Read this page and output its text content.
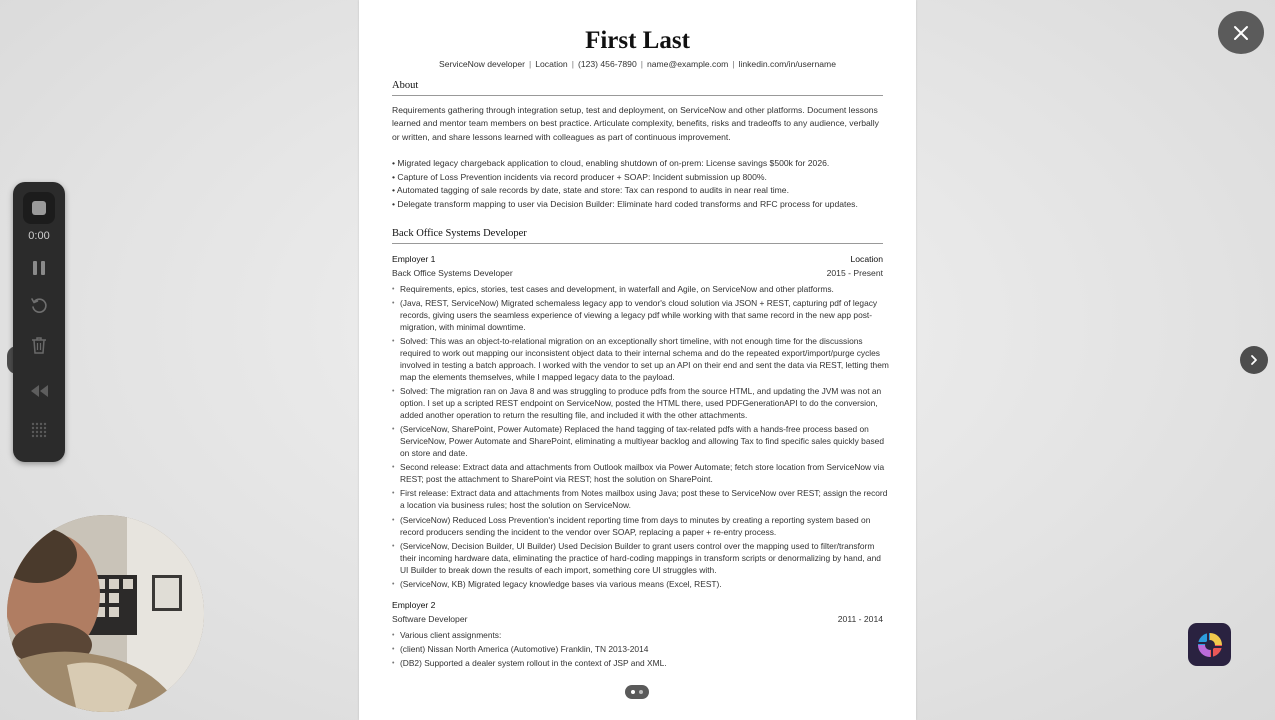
First Last
ServiceNow developer | Location | (123) 456-7890 | name@example.com | linkedin.com/in/username
About
Requirements gathering through integration setup, test and deployment, on ServiceNow and other platforms. Document lessons learned and mentor team members on best practice. Articulate complexity, benefits, risks and tradeoffs to any audience, verbally or written, and share lessons learned with colleagues as part of continuous improvement.
• Migrated legacy chargeback application to cloud, enabling shutdown of on-prem: License savings $500k for 2026.
• Capture of Loss Prevention incidents via record producer + SOAP: Incident submission up 800%.
• Automated tagging of sale records by date, state and store: Tax can respond to audits in near real time.
• Delegate transform mapping to user via Decision Builder: Eliminate hard coded transforms and RFC process for updates.
Back Office Systems Developer
Employer 1	Location
Back Office Systems Developer	2015 - Present
• Requirements, epics, stories, test cases and development, in waterfall and Agile, on ServiceNow and other platforms.
• (Java, REST, ServiceNow) Migrated schemaless legacy app to vendor's cloud solution via JSON + REST, capturing pdf of legacy records, giving users the seamless experience of viewing a legacy pdf while working with that same record in the new app post-migration, with minimal downtime.
• Solved: This was an object-to-relational migration on an exceptionally short timeline, with not enough time for the discussions required to work out mapping our inconsistent object data to their internal schema and do the repeated export/import/purge cycles involved in testing a batch approach. I worked with the vendor to set up an API on their end and sent the data via REST, letting them map the elements themselves, while I mapped legacy data to the payload.
• Solved: The migration ran on Java 8 and was struggling to produce pdfs from the source HTML, and updating the JVM was not an option. I set up a scripted REST endpoint on ServiceNow, posted the HTML there, used PDFGenerationAPI to do the conversion, added another operation to return the resulting file, and included it with the other attachments.
• (ServiceNow, SharePoint, Power Automate) Replaced the hand tagging of tax-related pdfs with a hands-free process based on ServiceNow, Power Automate and SharePoint, eliminating a multiyear backlog and allowing Tax to find specific sales quickly based on store and date.
• Second release: Extract data and attachments from Outlook mailbox via Power Automate; fetch store location from ServiceNow via REST; post the attachment to SharePoint via REST; host the solution on SharePoint.
• First release: Extract data and attachments from Notes mailbox using Java; post these to ServiceNow over REST; assign the record a location via business rules; host the solution on ServiceNow.
• (ServiceNow) Reduced Loss Prevention's incident reporting time from days to minutes by creating a reporting system based on record producers sending the incident to the vendor over SOAP, replacing a paper + re-entry process.
• (ServiceNow, Decision Builder, UI Builder) Used Decision Builder to grant users control over the mapping used to filter/transform their incoming hardware data, eliminating the practice of hard-coding mappings in transform scripts or denormalizing by hand, and UI Builder to break down the results of each import, something core UI struggles with.
• (ServiceNow, KB) Migrated legacy knowledge bases via various means (Excel, REST).
Employer 2
Software Developer	2011 - 2014
• Various client assignments:
• (client) Nissan North America (Automotive) Franklin, TN 2013-2014
• (DB2) Supported a dealer system rollout in the context of JSP and XML.
0:00
